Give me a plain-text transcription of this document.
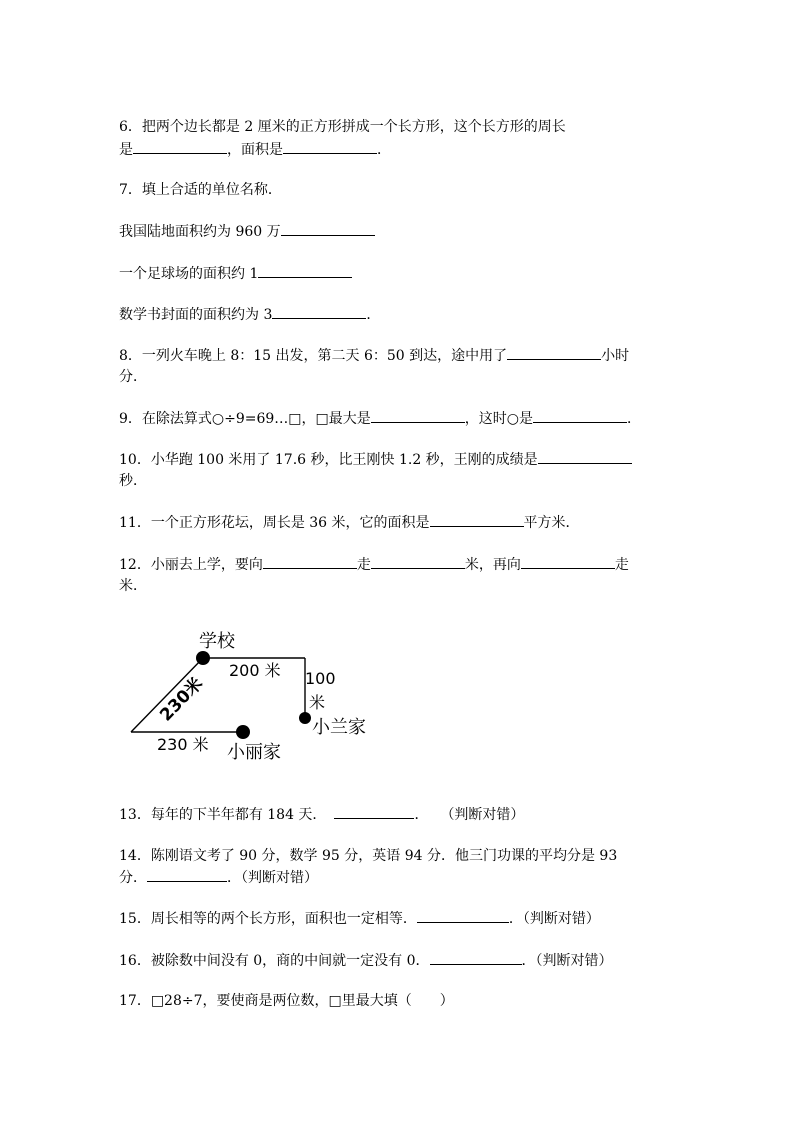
6．把两个边长都是 2 厘米的正方形拼成一个长方形，这个长方形的周长
是	，面积是	．
7．填上合适的单位名称．
我国陆地面积约为 960 万
一个足球场的面积约 1
数学书封面的面积约为 3	．
8．一列火车晚上 8：15 出发，第二天 6：50 到达，途中用了	小时
分．
9．在除法算式○÷9=69…□，□最大是	，这时○是	．
10．小华跑 100 米用了 17.6 秒，比王刚快 1.2 秒，王刚的成绩是
秒．
11．一个正方形花坛，周长是 36 米，它的面积是	平方米．
12．小丽去上学，要向	走	米，再向	走
米．
学校
小兰家
小丽家
200 米 100
米
230米
230 米
13．每年的下半年都有 184 天．	． （判断对错）
14．陈刚语文考了 90 分，数学 95 分，英语 94 分．他三门功课的平均分是 93
分．	．（判断对错）
15．周长相等的两个长方形，面积也一定相等．	．（判断对错）
16．被除数中间没有 0，商的中间就一定没有 0．	．（判断对错）
17．□28÷7，要使商是两位数，□里最大填（ ）
